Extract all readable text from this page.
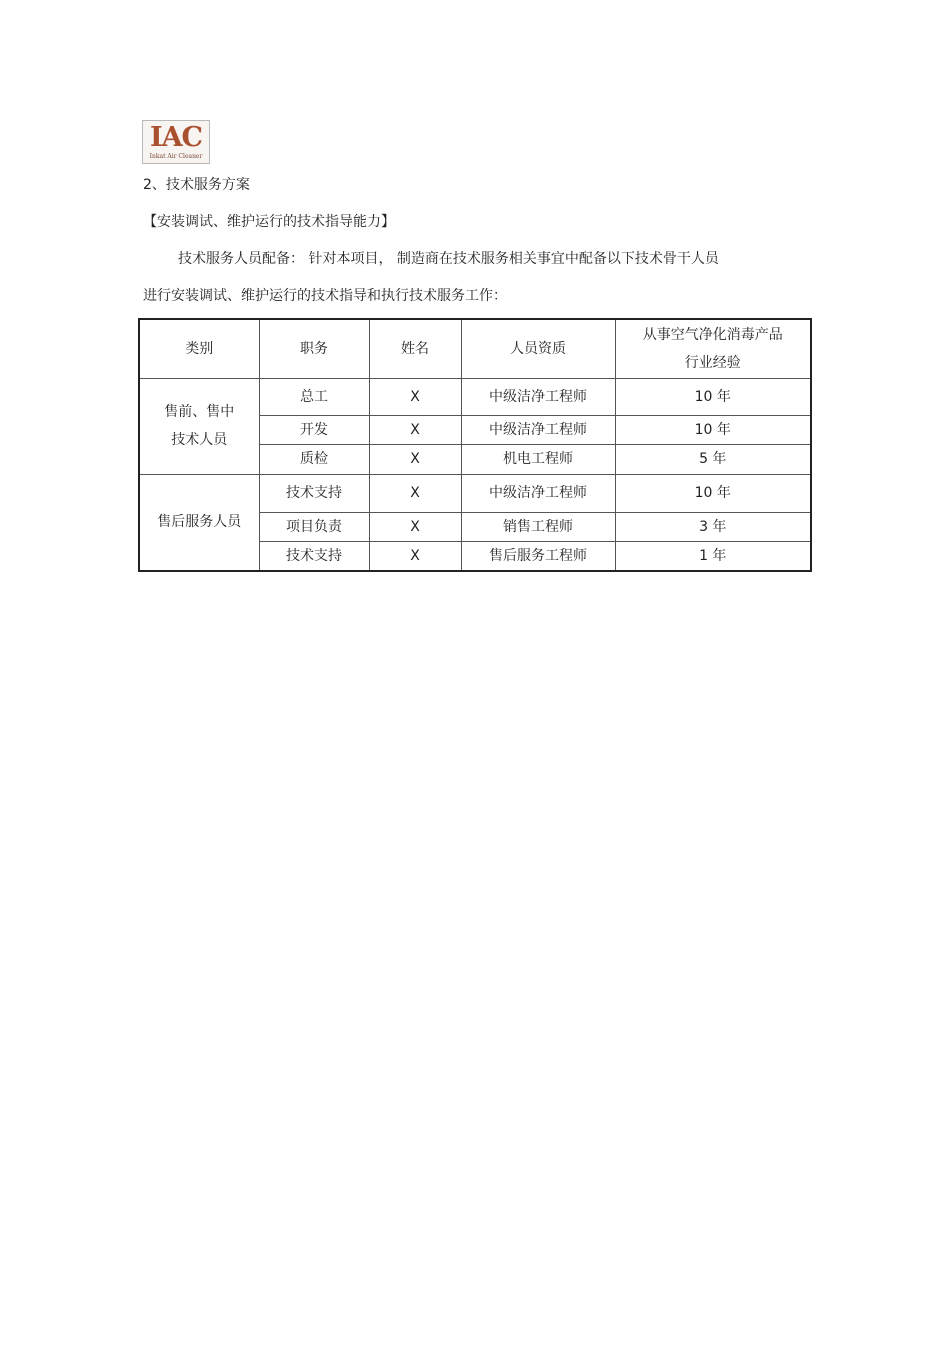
IAC
Inkat Air Cleaner
2、技术服务方案
【安装调试、维护运行的技术指导能力】
技术服务人员配备： 针对本项目， 制造商在技术服务相关事宜中配备以下技术骨干人员
进行安装调试、维护运行的技术指导和执行技术服务工作：
类别	职务	姓名	人员资质	从事空气净化消毒产品
行业经验

售前、售中
技术人员	总工	X	中级洁净工程师	10 年
	开发	X	中级洁净工程师	10 年
	质检	X	机电工程师	5 年

售后服务人员	技术支持	X	中级洁净工程师	10 年
	项目负责	X	销售工程师	3 年
	技术支持	X	售后服务工程师	1 年
